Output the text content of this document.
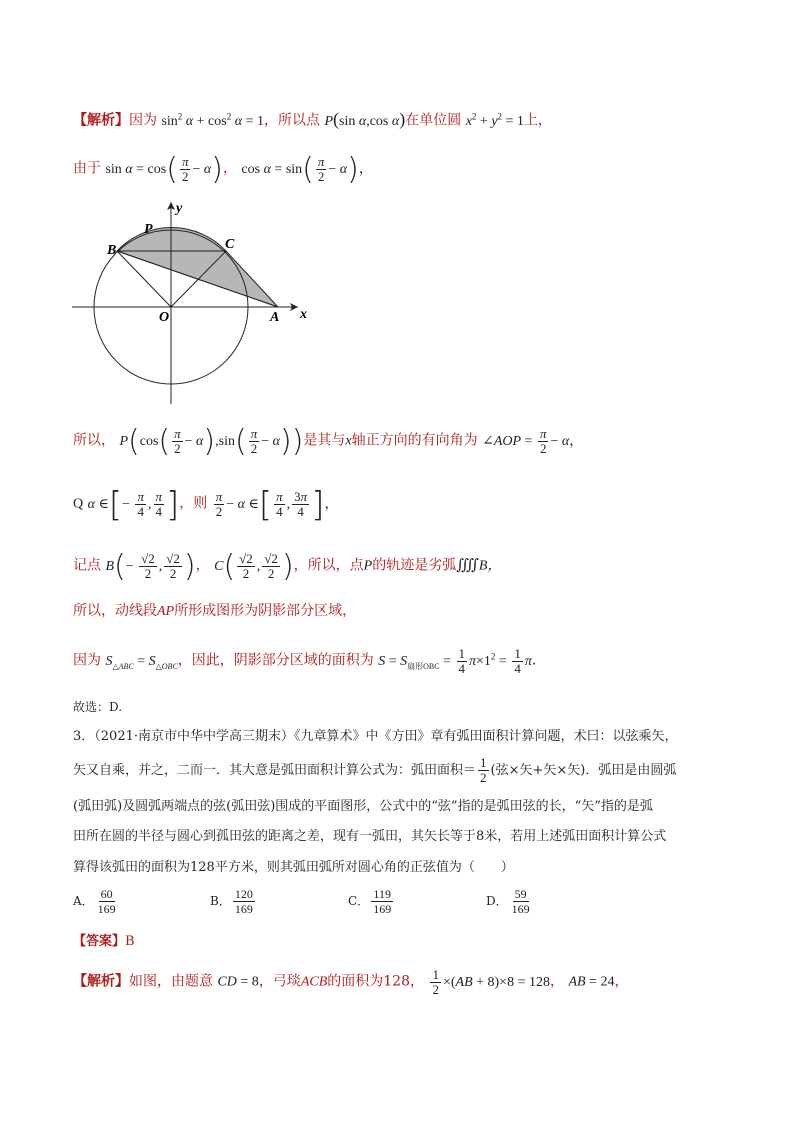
【解析】因为 $\sin^2 \alpha + \cos^2 \alpha = 1$，所以点 P(sin α,cos α)在单位圆 $x^2 + y^2 = 1$上，
由于 $\sin \alpha = \cos( \frac{\pi}{2} - \alpha)$， $\cos \alpha = \sin( \frac{\pi}{2} - \alpha)$，
P
B	C
O	A x
y
所以， $P(\cos( \frac{\pi}{2} - \alpha),\sin( \frac{\pi}{2} - \alpha))$是其与x轴正方向的有向角为 ∠AOP = $\frac{\pi}{2} - \alpha$，
Q α ∈[− $\frac{\pi}{4}$ , $\frac{\pi}{4}$ ]，则 $\frac{\pi}{2} - \alpha$ ∈[ $\frac{\pi}{4}$ , $\frac{3\pi}{4}$ ]，
记点 $B(- \frac{√2}{2}$ , $\frac{√2}{2}$ )， $C( \frac{√2}{2}$ , $\frac{√2}{2}$ )，所以，点P的轨迹是劣弧⨌B，
所以，动线段AP所形成图形为阴影部分区域，
因为 $S_{\triangle ABC} = S_{\triangle OBC}$，因此，阴影部分区域的面积为 $S = S_{扇形OBC} = \frac{1}{4} \pi\times 1^2 = \frac{1}{4} \pi$.
故选：D.
3．（2021·南京市中华中学高三期末）《九章算术》中《方田》章有弧田面积计算问题，术曰：以弦乘矢，
矢又自乘，并之，二而一．其大意是弧田面积计算公式为：弧田面积＝ $\frac{1}{2}$ (弦×矢+矢×矢)．弧田是由圆弧
(弧田弧)及圆弧两端点的弦(弧田弦)围成的平面图形，公式中的“弦”指的是弧田弦的长，“矢”指的是弧
田所在圆的半径与圆心到孤田弦的距离之差，现有一弧田，其矢长等于8米，若用上述弧田面积计算公式
算得该弧田的面积为128平方米，则其弧田弧所对圆心角的正弦值为（　　）
A． $\frac{60}{169}$	B． $\frac{120}{169}$	C． $\frac{119}{169}$	D． $\frac{59}{169}$
【答案】B
【解析】如图，由题意 CD = 8，弓琰ACB的面积为128， $\frac{1}{2} \times(AB + 8)\times 8 = 128$， AB = 24，
